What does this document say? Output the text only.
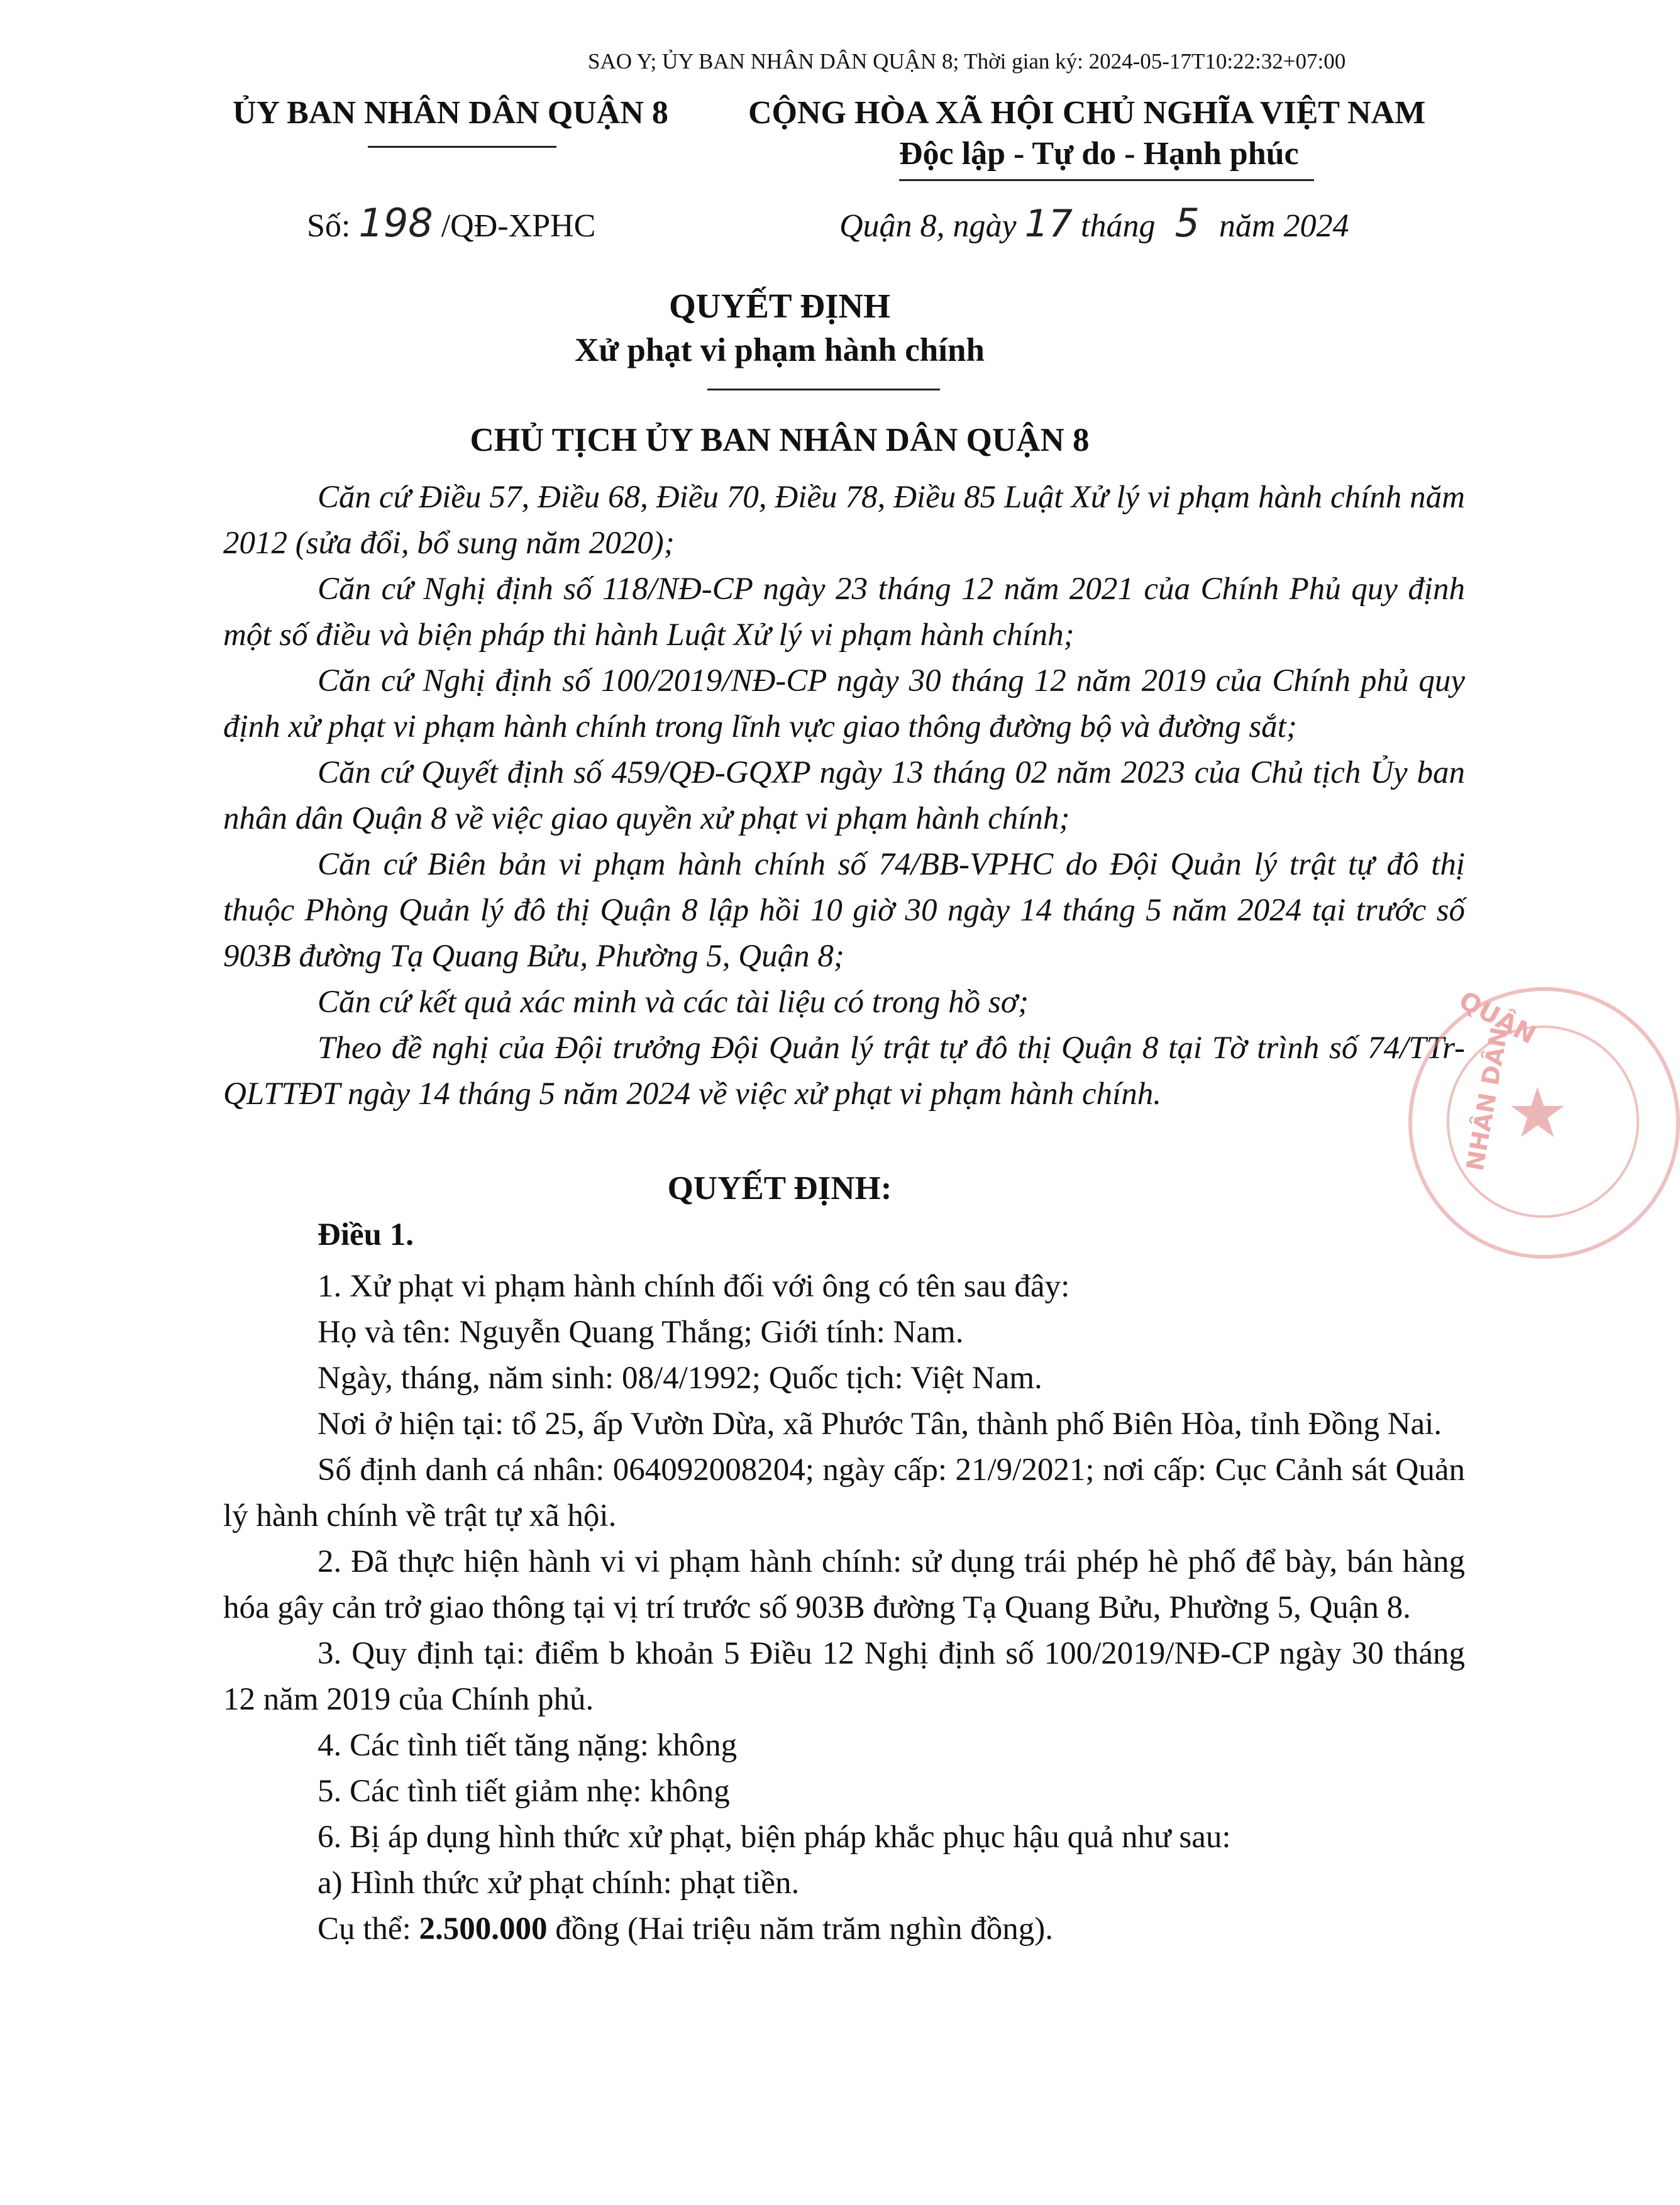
SAO Y; ỦY BAN NHÂN DÂN QUẬN 8; Thời gian ký: 2024-05-17T10:22:32+07:00
ỦY BAN NHÂN DÂN QUẬN 8 CỘNG HÒA XÃ HỘI CHỦ NGHĨA VIỆT NAM
Độc lập - Tự do - Hạnh phúc
Số: 198 /QĐ-XPHC	Quận 8, ngày 17 tháng 5 năm 2024
QUYẾT ĐỊNH
Xử phạt vi phạm hành chính
CHỦ TỊCH ỦY BAN NHÂN DÂN QUẬN 8
Căn cứ Điều 57, Điều 68, Điều 70, Điều 78, Điều 85 Luật Xử lý vi phạm hành chính năm 2012 (sửa đổi, bổ sung năm 2020);
Căn cứ Nghị định số 118/NĐ-CP ngày 23 tháng 12 năm 2021 của Chính Phủ quy định một số điều và biện pháp thi hành Luật Xử lý vi phạm hành chính;
Căn cứ Nghị định số 100/2019/NĐ-CP ngày 30 tháng 12 năm 2019 của Chính phủ quy định xử phạt vi phạm hành chính trong lĩnh vực giao thông đường bộ và đường sắt;
Căn cứ Quyết định số 459/QĐ-GQXP ngày 13 tháng 02 năm 2023 của Chủ tịch Ủy ban nhân dân Quận 8 về việc giao quyền xử phạt vi phạm hành chính;
Căn cứ Biên bản vi phạm hành chính số 74/BB-VPHC do Đội Quản lý trật tự đô thị thuộc Phòng Quản lý đô thị Quận 8 lập hồi 10 giờ 30 ngày 14 tháng 5 năm 2024 tại trước số 903B đường Tạ Quang Bửu, Phường 5, Quận 8;
Căn cứ kết quả xác minh và các tài liệu có trong hồ sơ;
Theo đề nghị của Đội trưởng Đội Quản lý trật tự đô thị Quận 8 tại Tờ trình số 74/TTr-QLTTĐT ngày 14 tháng 5 năm 2024 về việc xử phạt vi phạm hành chính.
QUYẾT ĐỊNH:
Điều 1.
1. Xử phạt vi phạm hành chính đối với ông có tên sau đây:
Họ và tên: Nguyễn Quang Thắng; Giới tính: Nam.
Ngày, tháng, năm sinh: 08/4/1992; Quốc tịch: Việt Nam.
Nơi ở hiện tại: tổ 25, ấp Vườn Dừa, xã Phước Tân, thành phố Biên Hòa, tỉnh Đồng Nai.
Số định danh cá nhân: 064092008204; ngày cấp: 21/9/2021; nơi cấp: Cục Cảnh sát Quản lý hành chính về trật tự xã hội.
2. Đã thực hiện hành vi vi phạm hành chính: sử dụng trái phép hè phố để bày, bán hàng hóa gây cản trở giao thông tại vị trí trước số 903B đường Tạ Quang Bửu, Phường 5, Quận 8.
3. Quy định tại: điểm b khoản 5 Điều 12 Nghị định số 100/2019/NĐ-CP ngày 30 tháng 12 năm 2019 của Chính phủ.
4. Các tình tiết tăng nặng: không
5. Các tình tiết giảm nhẹ: không
6. Bị áp dụng hình thức xử phạt, biện pháp khắc phục hậu quả như sau:
a) Hình thức xử phạt chính: phạt tiền.
Cụ thể: 2.500.000 đồng (Hai triệu năm trăm nghìn đồng).
QUẬN
NHÂN DÂN
★
